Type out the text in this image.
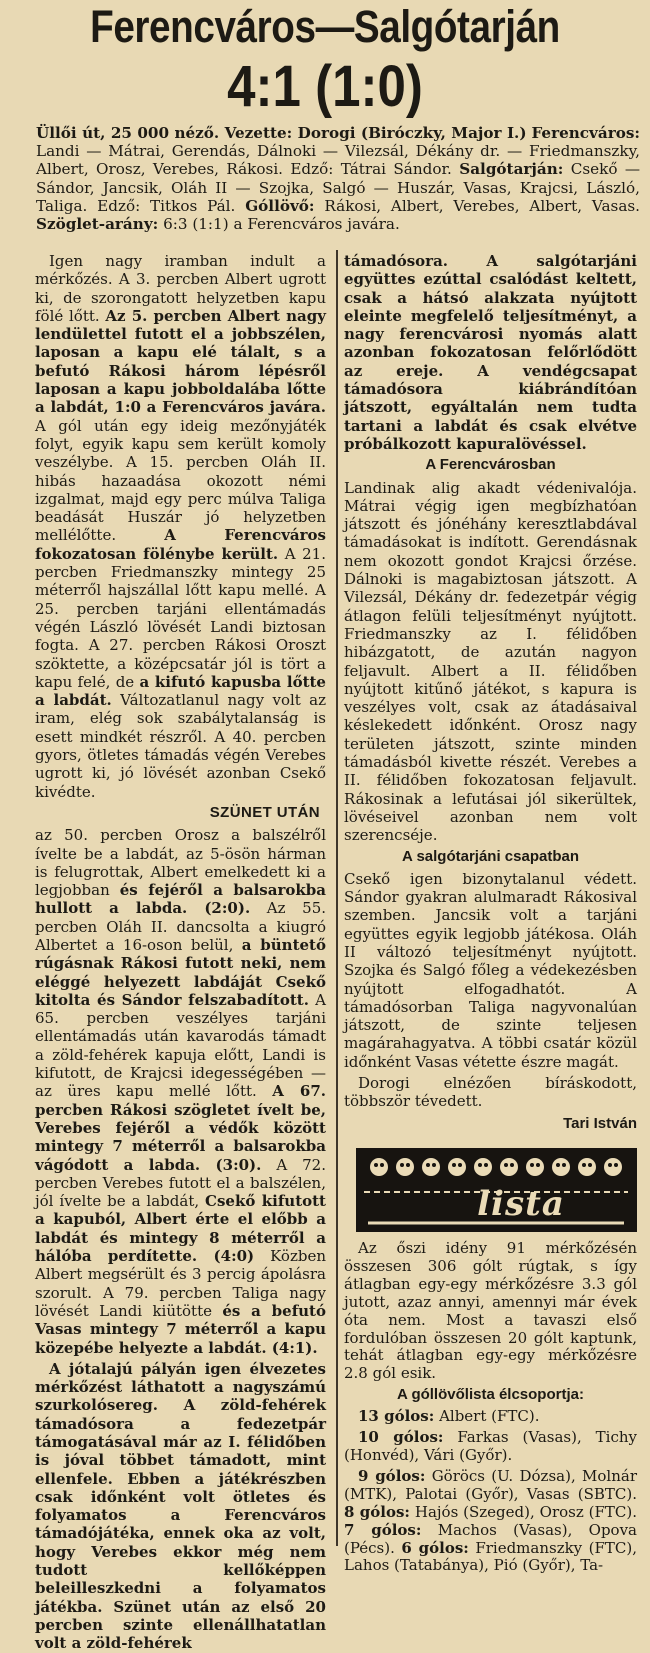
Ferencváros—Salgótarján
4:1 (1:0)
Üllői út, 25 000 néző. Vezette: Dorogi (Biróczky, Major I.) Ferencváros: Landi — Mátrai, Gerendás, Dálnoki — Vilezsál, Dékány dr. — Friedmanszky, Albert, Orosz, Verebes, Rákosi. Edző: Tátrai Sándor. Salgótarján: Csekő — Sándor, Jancsik, Oláh II — Szojka, Salgó — Huszár, Vasas, Krajcsi, László, Taliga. Edző: Titkos Pál. Góllövő: Rákosi, Albert, Verebes, Albert, Vasas. Szöglet-arány: 6:3 (1:1) a Ferencváros javára.

Igen nagy iramban indult a mérkőzés. A 3. percben Albert ugrott ki, de szorongatott helyzetben kapu fölé lőtt. Az 5. percben Albert nagy lendülettel futott el a jobbszélen, laposan a kapu elé tálalt, s a befutó Rákosi három lépésről laposan a kapu jobboldalába lőtte a labdát, 1:0 a Ferencváros javára. A gól után egy ideig mezőnyjáték folyt, egyik kapu sem került komoly veszélybe. A 15. percben Oláh II. hibás hazaadása okozott némi izgalmat, majd egy perc múlva Taliga beadását Huszár jó helyzetben mellélőtte.	A Ferencváros fokozatosan fölénybe került. A 21. percben Friedmanszky mintegy 25 méterről hajszállal lőtt kapu mellé. A 25. percben tarjáni ellentámadás végén László lövését Landi biztosan fogta. A 27. percben Rákosi Oroszt szöktette, a középcsatár jól is tört a kapu felé, de a kifutó kapusba lőtte a labdát. Változatlanul nagy volt az iram, elég sok szabálytalanság is esett mindkét részről. A 40. percben gyors, ötletes támadás végén Verebes ugrott ki, jó lövését azonban Csekő kivédte.

SZÜNET UTÁN

az 50. percben Orosz a balszélről ívelte be a labdát, az 5-ösön hárman is felugrottak, Albert emelkedett ki a legjobban és fejéről a balsarokba hullott a labda. (2:0). Az 55. percben Oláh II. dancsolta a kiugró Albertet a 16-oson belül, a büntető rúgásnak Rákosi futott neki, nem eléggé helyezett labdáját Csekő kitolta és Sándor felszabadított. A 65. percben veszélyes tarjáni ellentámadás után kavarodás támadt a zöld-fehérek kapuja előtt, Landi is kifutott, de Krajcsi idegességében — az üres kapu mellé lőtt. A 67. percben Rákosi szögletet ívelt be, Verebes fejéről a védők között mintegy 7 méterről a balsarokba vágódott a labda. (3:0). A 72. percben Verebes futott el a balszélen, jól ívelte be a labdát, Csekő kifutott a kapuból, Albert érte el előbb a labdát és mintegy 8 méterről a hálóba perdítette. (4:0) Közben Albert megsérült és 3 percig ápolásra szorult. A 79. percben Taliga nagy lövését Landi kiütötte és a befutó Vasas mintegy 7 méterről a kapu közepébe helyezte a labdát. (4:1).

A jótalajú pályán igen élvezetes mérkőzést láthatott a nagyszámú szurkolósereg. A zöld-fehérek támadósora a fedezetpár támogatásával már az I. félidőben is jóval többet támadott, mint ellenfele. Ebben a játékrészben csak időnként volt ötletes és folyamatos a Ferencváros támadójátéka, ennek oka az volt, hogy Verebes ekkor még nem tudott kellőképpen beleilleszkedni a folyamatos játékba. Szünet után az első 20 percben szinte ellenállhatatlan volt a zöld-fehérek

támadósora. A salgótarjáni együttes ezúttal csalódást keltett, csak a hátsó alakzata nyújtott eleinte megfelelő teljesítményt, a nagy ferencvárosi nyomás alatt azonban fokozatosan felőrlődött az ereje. A vendégcsapat támadósora kiábrándítóan játszott, egyáltalán nem tudta tartani a labdát és csak elvétve próbálkozott kapuralövéssel.

A Ferencvárosban

Landinak alig akadt védenivalója. Mátrai végig igen megbízhatóan játszott és jónéhány keresztlabdával támadásokat is indított. Gerendásnak nem okozott gondot Krajcsi őrzése. Dálnoki is magabiztosan játszott. A Vilezsál, Dékány dr. fedezetpár végig átlagon felüli teljesítményt nyújtott. Friedmanszky az I. félidőben hibázgatott, de azután nagyon feljavult. Albert a II. félidőben nyújtott kitűnő játékot, s kapura is veszélyes volt, csak az átadásaival késlekedett időnként. Orosz nagy területen játszott, szinte minden támadásból kivette részét. Verebes a II. félidőben fokozatosan feljavult. Rákosinak a lefutásai jól sikerültek, lövéseivel azonban nem volt szerencséje.

A salgótarjáni csapatban

Csekő igen bizonytalanul védett. Sándor gyakran alulmaradt Rákosival szemben. Jancsik volt a tarjáni együttes egyik legjobb játékosa. Oláh II változó teljesítményt nyújtott. Szojka és Salgó főleg a védekezésben nyújtott elfogadhatót. A támadósorban Taliga nagyvonalúan játszott, de szinte teljesen magárahagyatva. A többi csatár közül időnként Vasas vétette észre magát.

Dorogi elnézően bíráskodott, többször tévedett.

Tari István
lista

Az őszi idény 91 mérkőzésén összesen 306 gólt rúgtak, s így átlagban egy-egy mérkőzésre 3.3 gól jutott, azaz annyi, amennyi már évek óta nem. Most a tavaszi első fordulóban összesen 20 gólt kaptunk, tehát átlagban egy-egy mérkőzésre 2.8 gól esik.

A góllövőlista élcsoportja:

13 gólos: Albert (FTC).

10 gólos: Farkas (Vasas), Tichy (Honvéd), Vári (Győr).

9 gólos: Göröcs (U. Dózsa), Molnár (MTK), Palotai (Győr), Vasas (SBTC). 8 gólos: Hajós (Szeged), Orosz (FTC). 7 gólos: Machos (Vasas), Opova (Pécs). 6 gólos: Friedmanszky (FTC), Lahos (Tatabánya), Pió (Győr), Ta-
